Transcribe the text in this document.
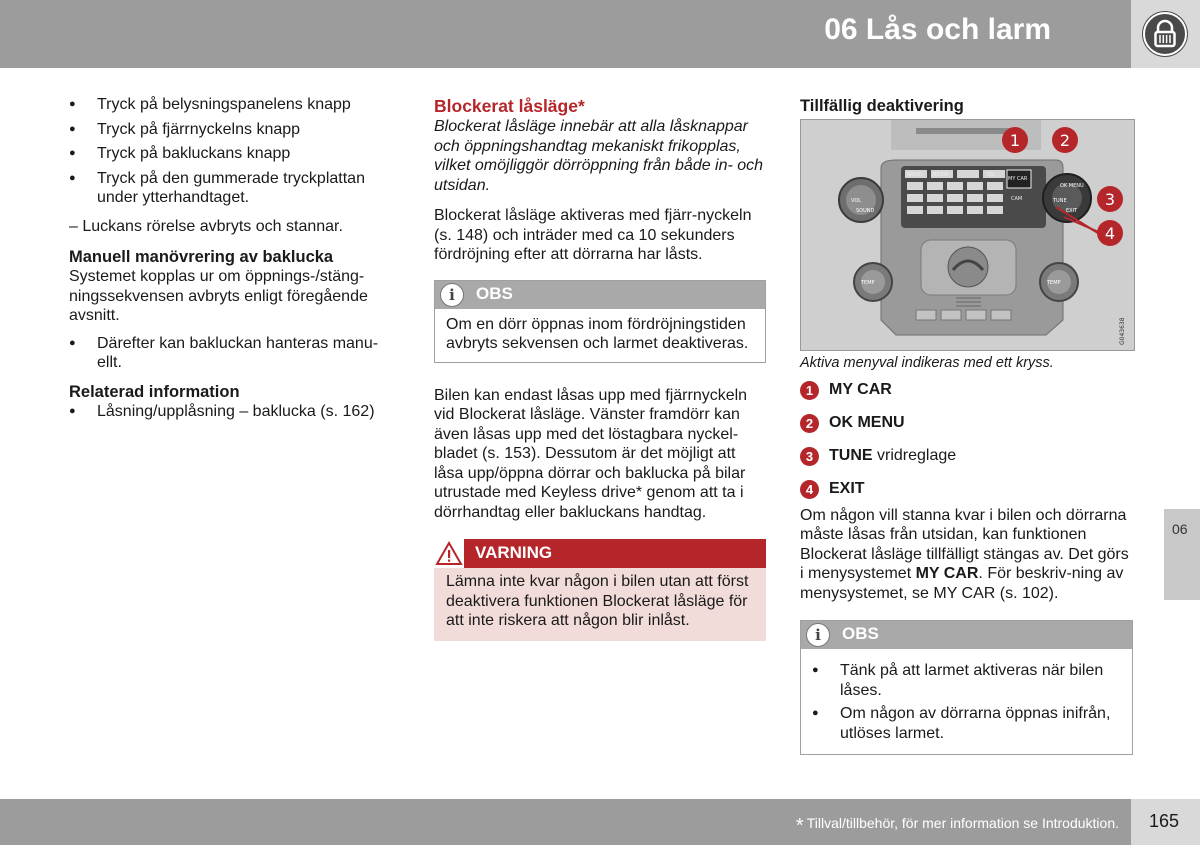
06 Lås och larm
06
● Tryck på belysningspanelens knapp
● Tryck på fjärrnyckelns knapp
● Tryck på bakluckans knapp
● Tryck på den gummerade tryckplattan under ytterhandtaget.

– Luckans rörelse avbryts och stannar.

Manuell manövrering av baklucka

Systemet kopplas ur om öppnings-/stäng-ningssekvensen avbryts enligt föregående avsnitt.

● Därefter kan bakluckan hanteras manu-ellt.
Relaterad information
● Låsning/upplåsning – baklucka (s. 162)
Blockerat låsläge*

Blockerat låsläge innebär att alla låsknappar och öppningshandtag mekaniskt frikopplas, vilket omöjliggör dörröppning från både in- och utsidan.

Blockerat låsläge aktiveras med fjärr-nyckeln (s. 148) och inträder med ca 10 sekunders fördröjning efter att dörrarna har låsts.

i	OBS
Om en dörr öppnas inom fördröjningstiden avbryts sekvensen och larmet deaktiveras.

Bilen kan endast låsas upp med fjärrnyckeln vid Blockerat låsläge. Vänster framdörr kan även låsas upp med det löstagbara nyckel-bladet (s. 153). Dessutom är det möjligt att låsa upp/öppna dörrar och baklucka på bilar utrustade med Keyless drive* genom att ta i dörrhandtag eller bakluckans handtag.

VARNING
Lämna inte kvar någon i bilen utan att först deaktivera funktionen Blockerat låsläge för att inte riskera att någon blir inlåst.
Tillfällig deaktivering
RADIO MEDIA	TEL
MY CAR
CAM
OK MENU
EXIT
VOL
SOUND
TUNE
TEMP	TEMP
G043638
1 2
3
4

Aktiva menyval indikeras med ett kryss.

1 MY CAR
2 OK MENU
3 TUNE vridreglage
4 EXIT

Om någon vill stanna kvar i bilen och dörrarna måste låsas från utsidan, kan funktionen Blockerat låsläge tillfälligt stängas av. Det görs i menysystemet MY CAR. För beskriv-ning av menysystemet, se MY CAR (s. 102).

i	OBS
● Tänk på att larmet aktiveras när bilen låses.
● Om någon av dörrarna öppnas inifrån, utlöses larmet.
* Tillval/tillbehör, för mer information se Introduktion. 165
